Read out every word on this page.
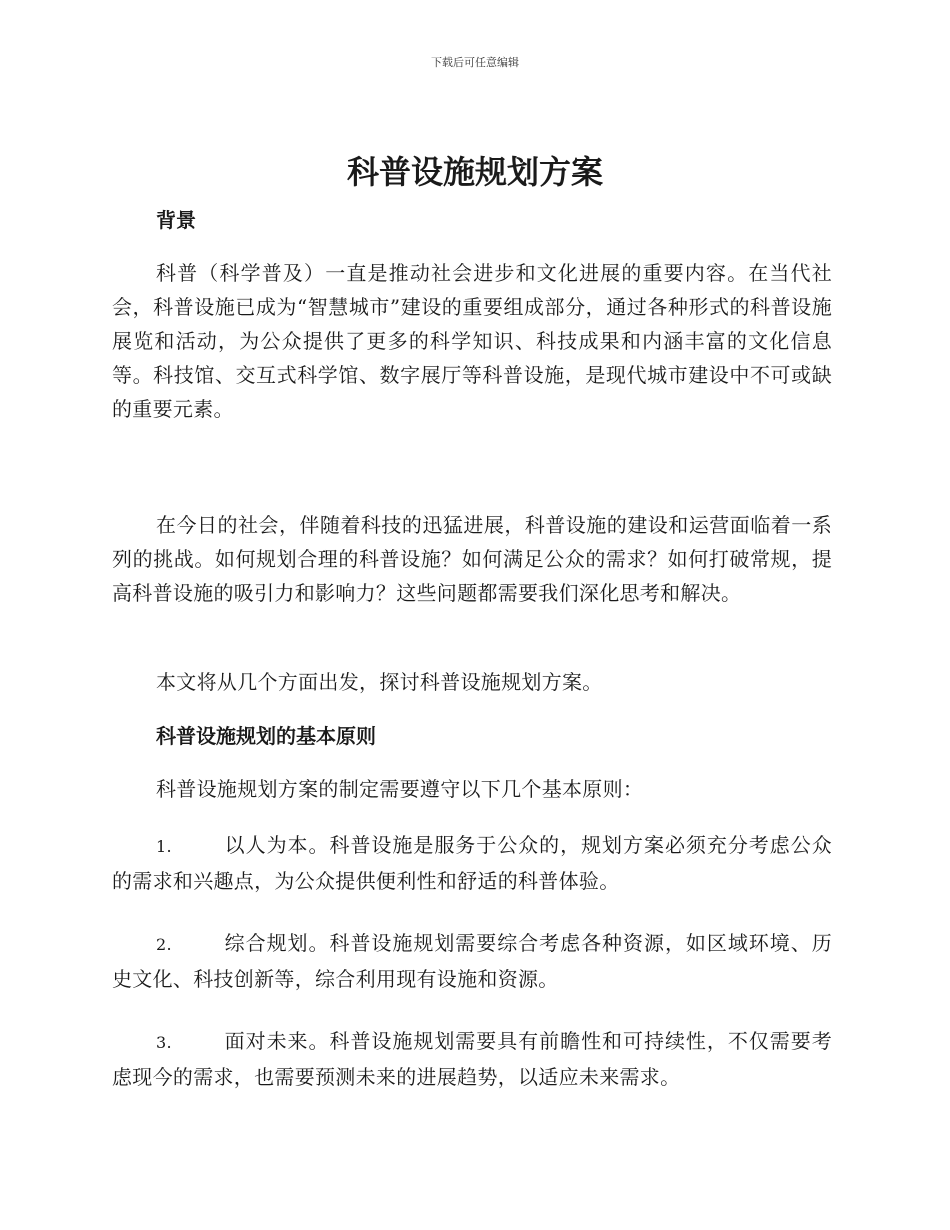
下载后可任意编辑
科普设施规划方案
背景

科普（科学普及）一直是推动社会进步和文化进展的重要内容。在当代社会，科普设施已成为“智慧城市”建设的重要组成部分，通过各种形式的科普设施展览和活动，为公众提供了更多的科学知识、科技成果和内涵丰富的文化信息等。科技馆、交互式科学馆、数字展厅等科普设施，是现代城市建设中不可或缺的重要元素。

在今日的社会，伴随着科技的迅猛进展，科普设施的建设和运营面临着一系列的挑战。如何规划合理的科普设施？如何满足公众的需求？如何打破常规，提高科普设施的吸引力和影响力？这些问题都需要我们深化思考和解决。

本文将从几个方面出发，探讨科普设施规划方案。

科普设施规划的基本原则

科普设施规划方案的制定需要遵守以下几个基本原则：

1.	以人为本。科普设施是服务于公众的，规划方案必须充分考虑公众的需求和兴趣点，为公众提供便利性和舒适的科普体验。

2.	综合规划。科普设施规划需要综合考虑各种资源，如区域环境、历史文化、科技创新等，综合利用现有设施和资源。

3.	面对未来。科普设施规划需要具有前瞻性和可持续性，不仅需要考虑现今的需求，也需要预测未来的进展趋势，以适应未来需求。
